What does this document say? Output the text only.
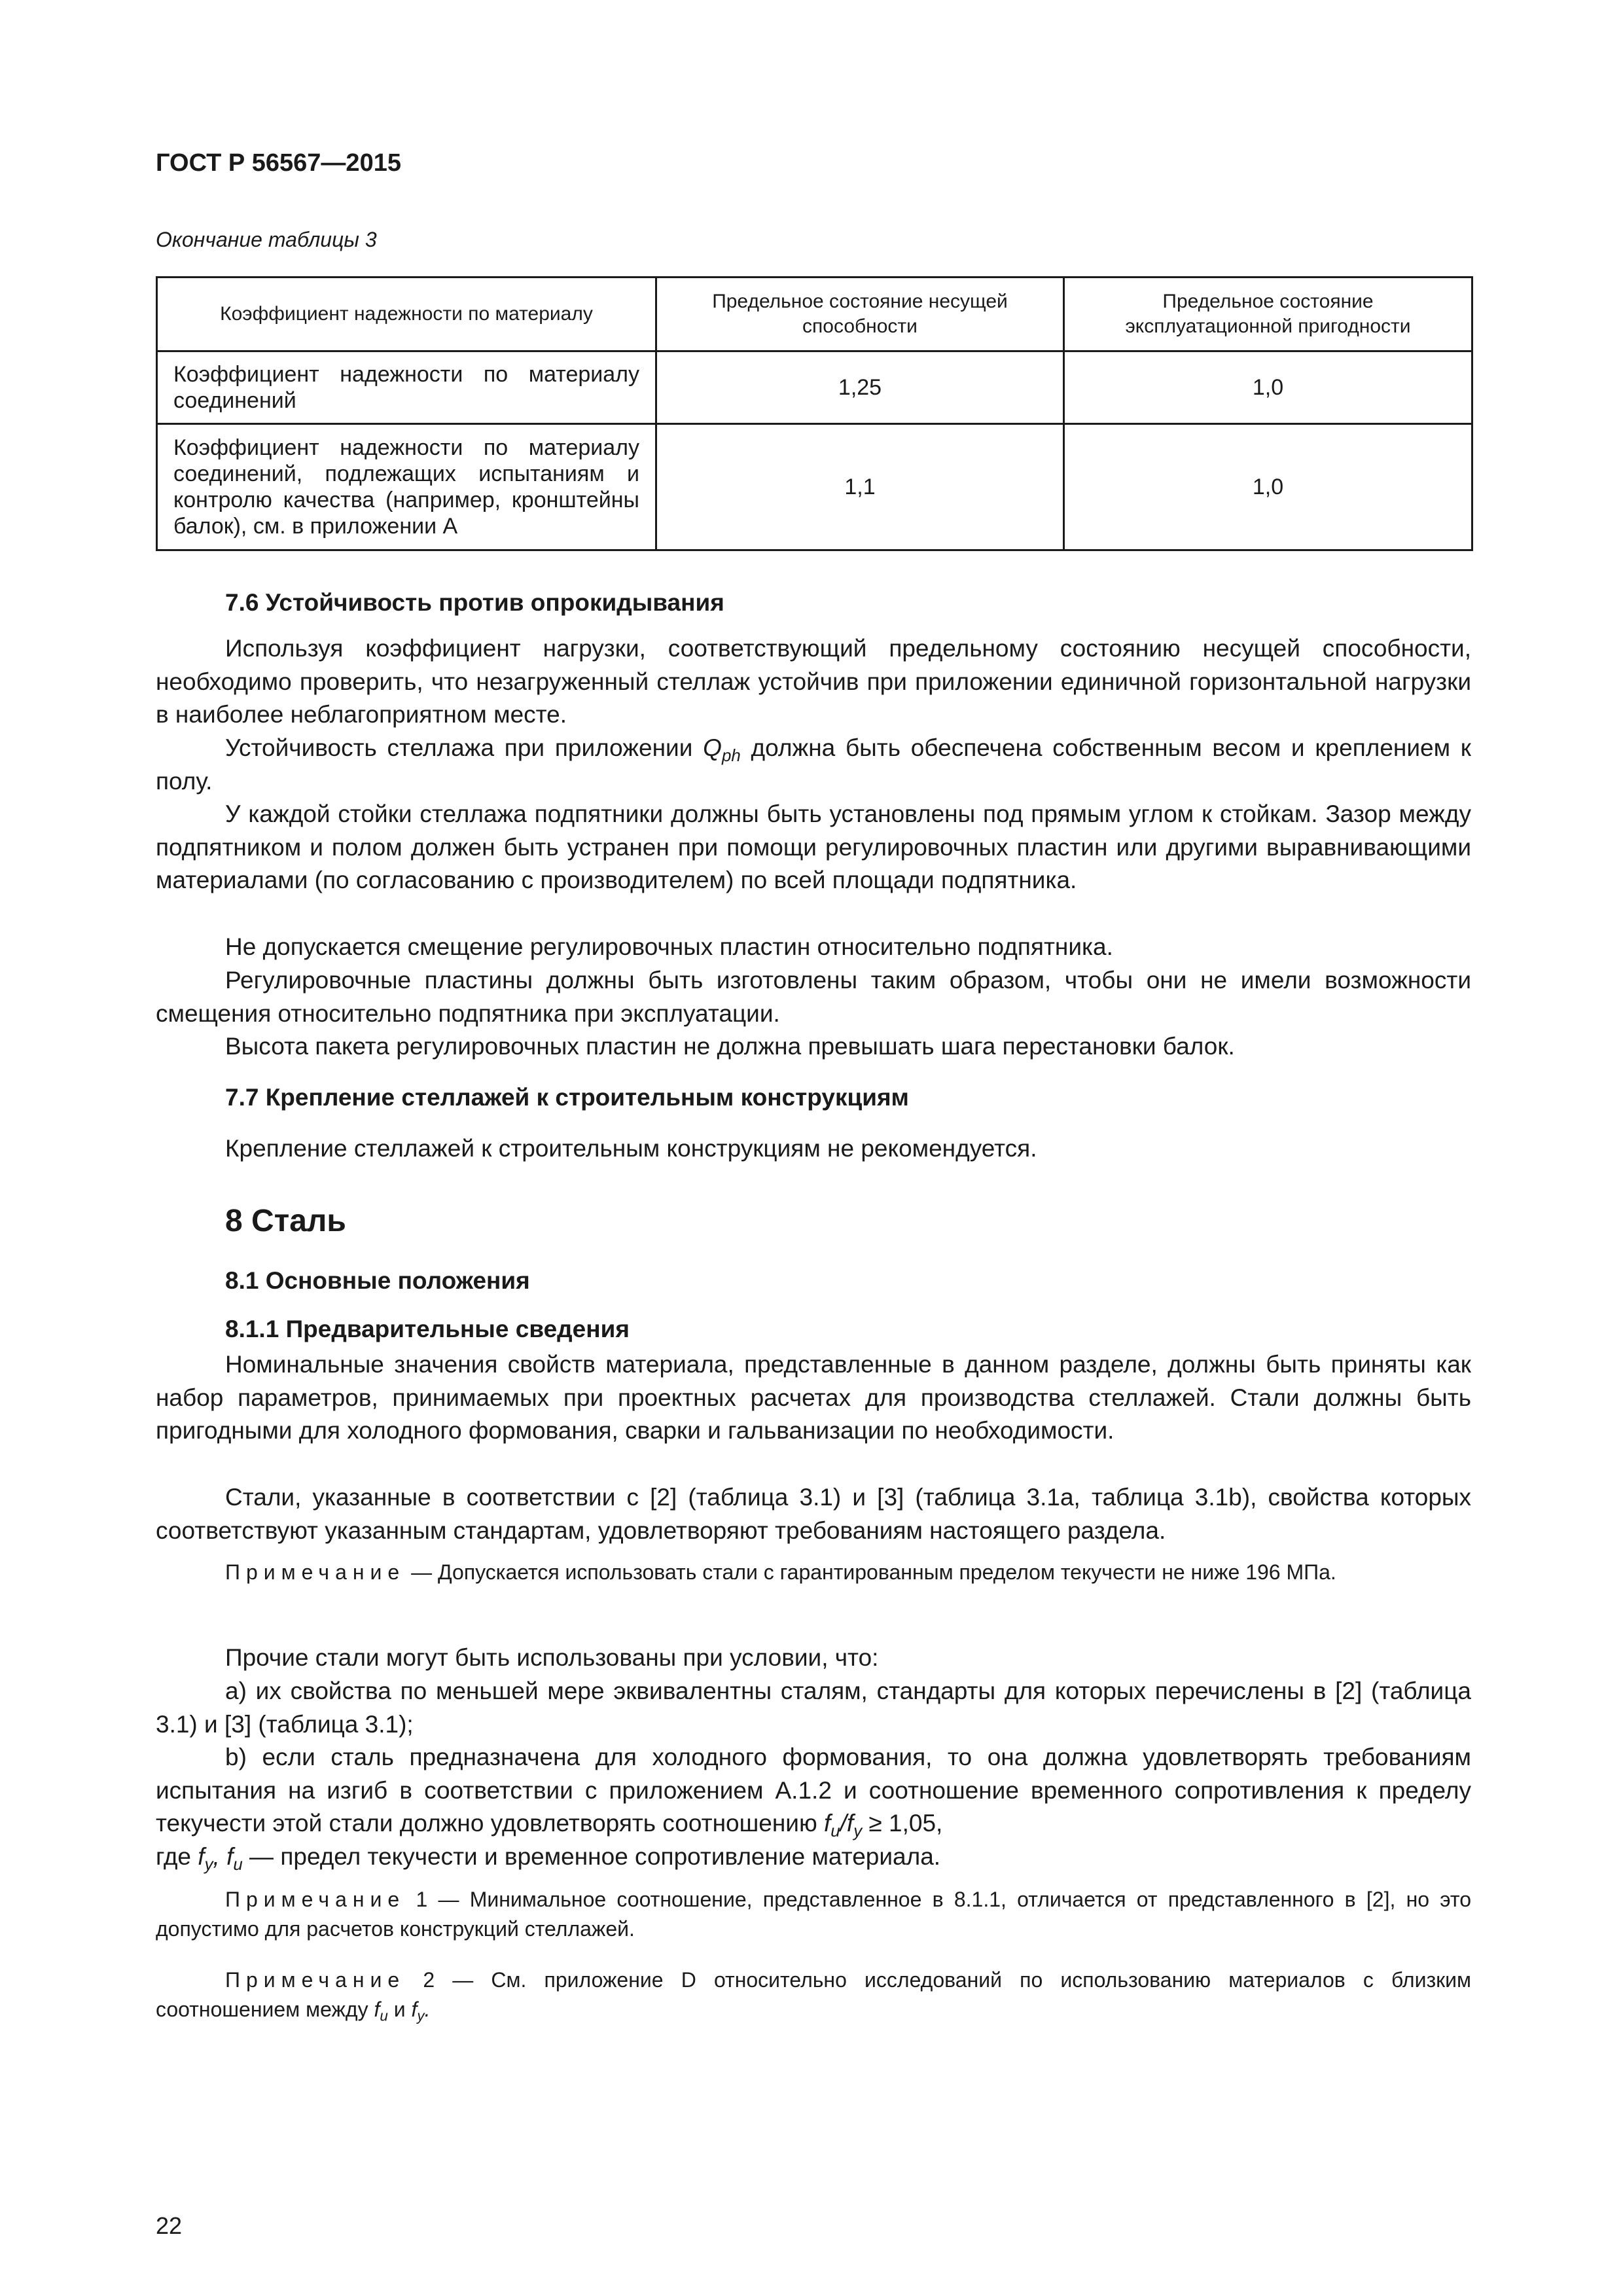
ГОСТ Р 56567—2015
Окончание таблицы 3
Коэффициент надежности по материалу	Предельное состояние несущей способности	Предельное состояние эксплуатационной пригодности
Коэффициент надежности по материалу соединений	1,25	1,0
Коэффициент надежности по материалу соединений, подлежащих испытаниям и контролю качества (например, кронштейны балок), см. в приложении А	1,1	1,0
7.6 Устойчивость против опрокидывания

Используя коэффициент нагрузки, соответствующий предельному состоянию несущей способности, необходимо проверить, что незагруженный стеллаж устойчив при приложении единичной горизонтальной нагрузки в наиболее неблагоприятном месте.

Устойчивость стеллажа при приложении $Q_{ph}$ должна быть обеспечена собственным весом и креплением к полу.

У каждой стойки стеллажа подпятники должны быть установлены под прямым углом к стойкам. Зазор между подпятником и полом должен быть устранен при помощи регулировочных пластин или другими выравнивающими материалами (по согласованию с производителем) по всей площади подпятника.

Не допускается смещение регулировочных пластин относительно подпятника.

Регулировочные пластины должны быть изготовлены таким образом, чтобы они не имели возможности смещения относительно подпятника при эксплуатации.

Высота пакета регулировочных пластин не должна превышать шага перестановки балок.

7.7 Крепление стеллажей к строительным конструкциям

Крепление стеллажей к строительным конструкциям не рекомендуется.

8 Сталь
8.1 Основные положения
8.1.1 Предварительные сведения

Номинальные значения свойств материала, представленные в данном разделе, должны быть приняты как набор параметров, принимаемых при проектных расчетах для производства стеллажей. Стали должны быть пригодными для холодного формования, сварки и гальванизации по необходимости.

Стали, указанные в соответствии с [2] (таблица 3.1) и [3] (таблица 3.1a, таблица 3.1b), свойства которых соответствуют указанным стандартам, удовлетворяют требованиям настоящего раздела.

Примечание — Допускается использовать стали с гарантированным пределом текучести не ниже 196 МПа.

Прочие стали могут быть использованы при условии, что:

a) их свойства по меньшей мере эквивалентны сталям, стандарты для которых перечислены в [2] (таблица 3.1) и [3] (таблица 3.1);

b) если сталь предназначена для холодного формования, то она должна удовлетворять требованиям испытания на изгиб в соответствии с приложением А.1.2 и соотношение временного сопротивления к пределу текучести этой стали должно удовлетворять соотношению $f_u/f_y \ge 1,05$,

где $f_y$, $f_u$ — предел текучести и временное сопротивление материала.

Примечание 1 — Минимальное соотношение, представленное в 8.1.1, отличается от представленного в [2], но это допустимо для расчетов конструкций стеллажей.

Примечание 2 — См. приложение D относительно исследований по использованию материалов с близким соотношением между $f_u$ и $f_y$.

22
